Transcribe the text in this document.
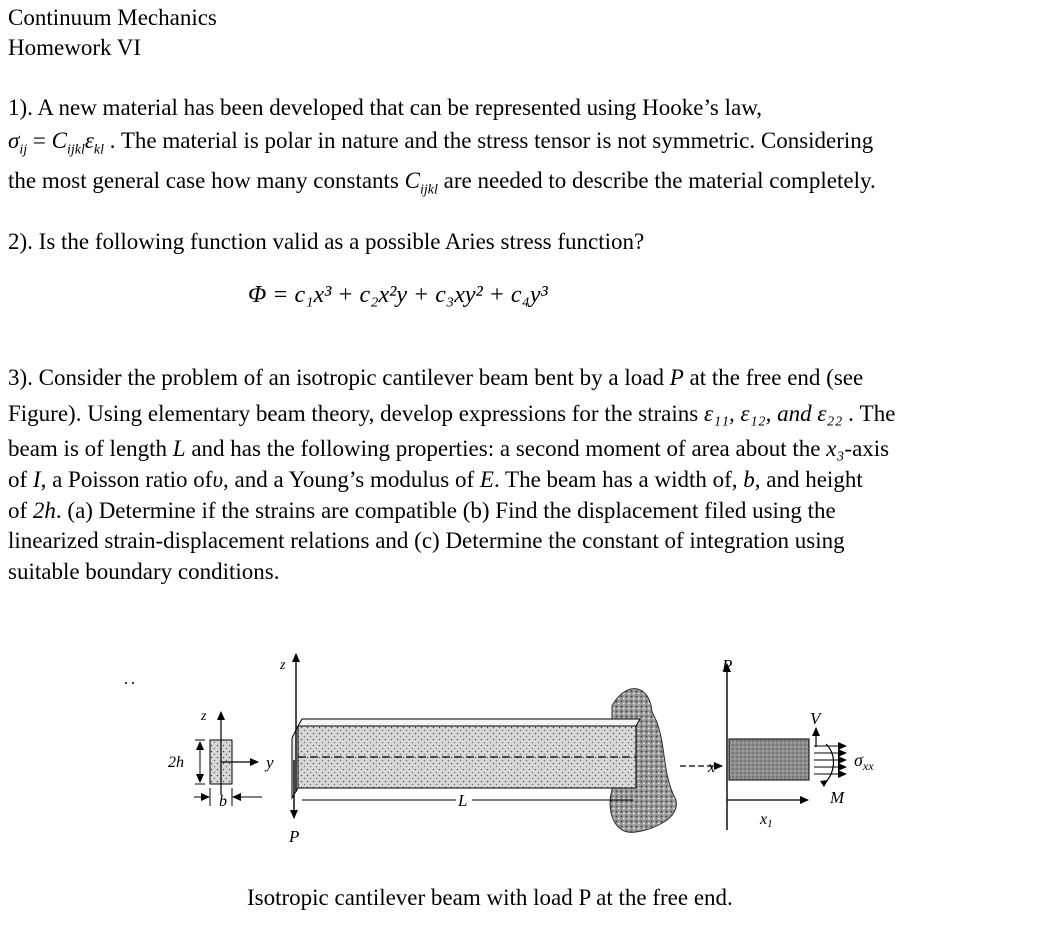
Continuum Mechanics
Homework VI
1). A new material has been developed that can be represented using Hooke’s law,
$\sigma_{ij} = C_{ijkl}\varepsilon_{kl}$ . The material is polar in nature and the stress tensor is not symmetric. Considering
the most general case how many constants $C_{ijkl}$ are needed to describe the material completely.
2). Is the following function valid as a possible Aries stress function?
Φ = c₁x³ + c₂x²y + c₃xy² + c₄y³
3). Consider the problem of an isotropic cantilever beam bent by a load P at the free end (see
Figure). Using elementary beam theory, develop expressions for the strains ε₁₁, ε₁₂, and ε₂₂ . The
beam is of length L and has the following properties: a second moment of area about the x₃-axis
of I, a Poisson ratio ofυ, and a Young’s modulus of E. The beam has a width of, b, and height
of 2h. (a) Determine if the strains are compatible (b) Find the displacement filed using the
linearized strain-displacement relations and (c) Determine the constant of integration using
suitable boundary conditions.
z
y
2h
b
z
P
L
x
P
V
$\sigma_{xx}$
M
x1
Isotropic cantilever beam with load P at the free end.
